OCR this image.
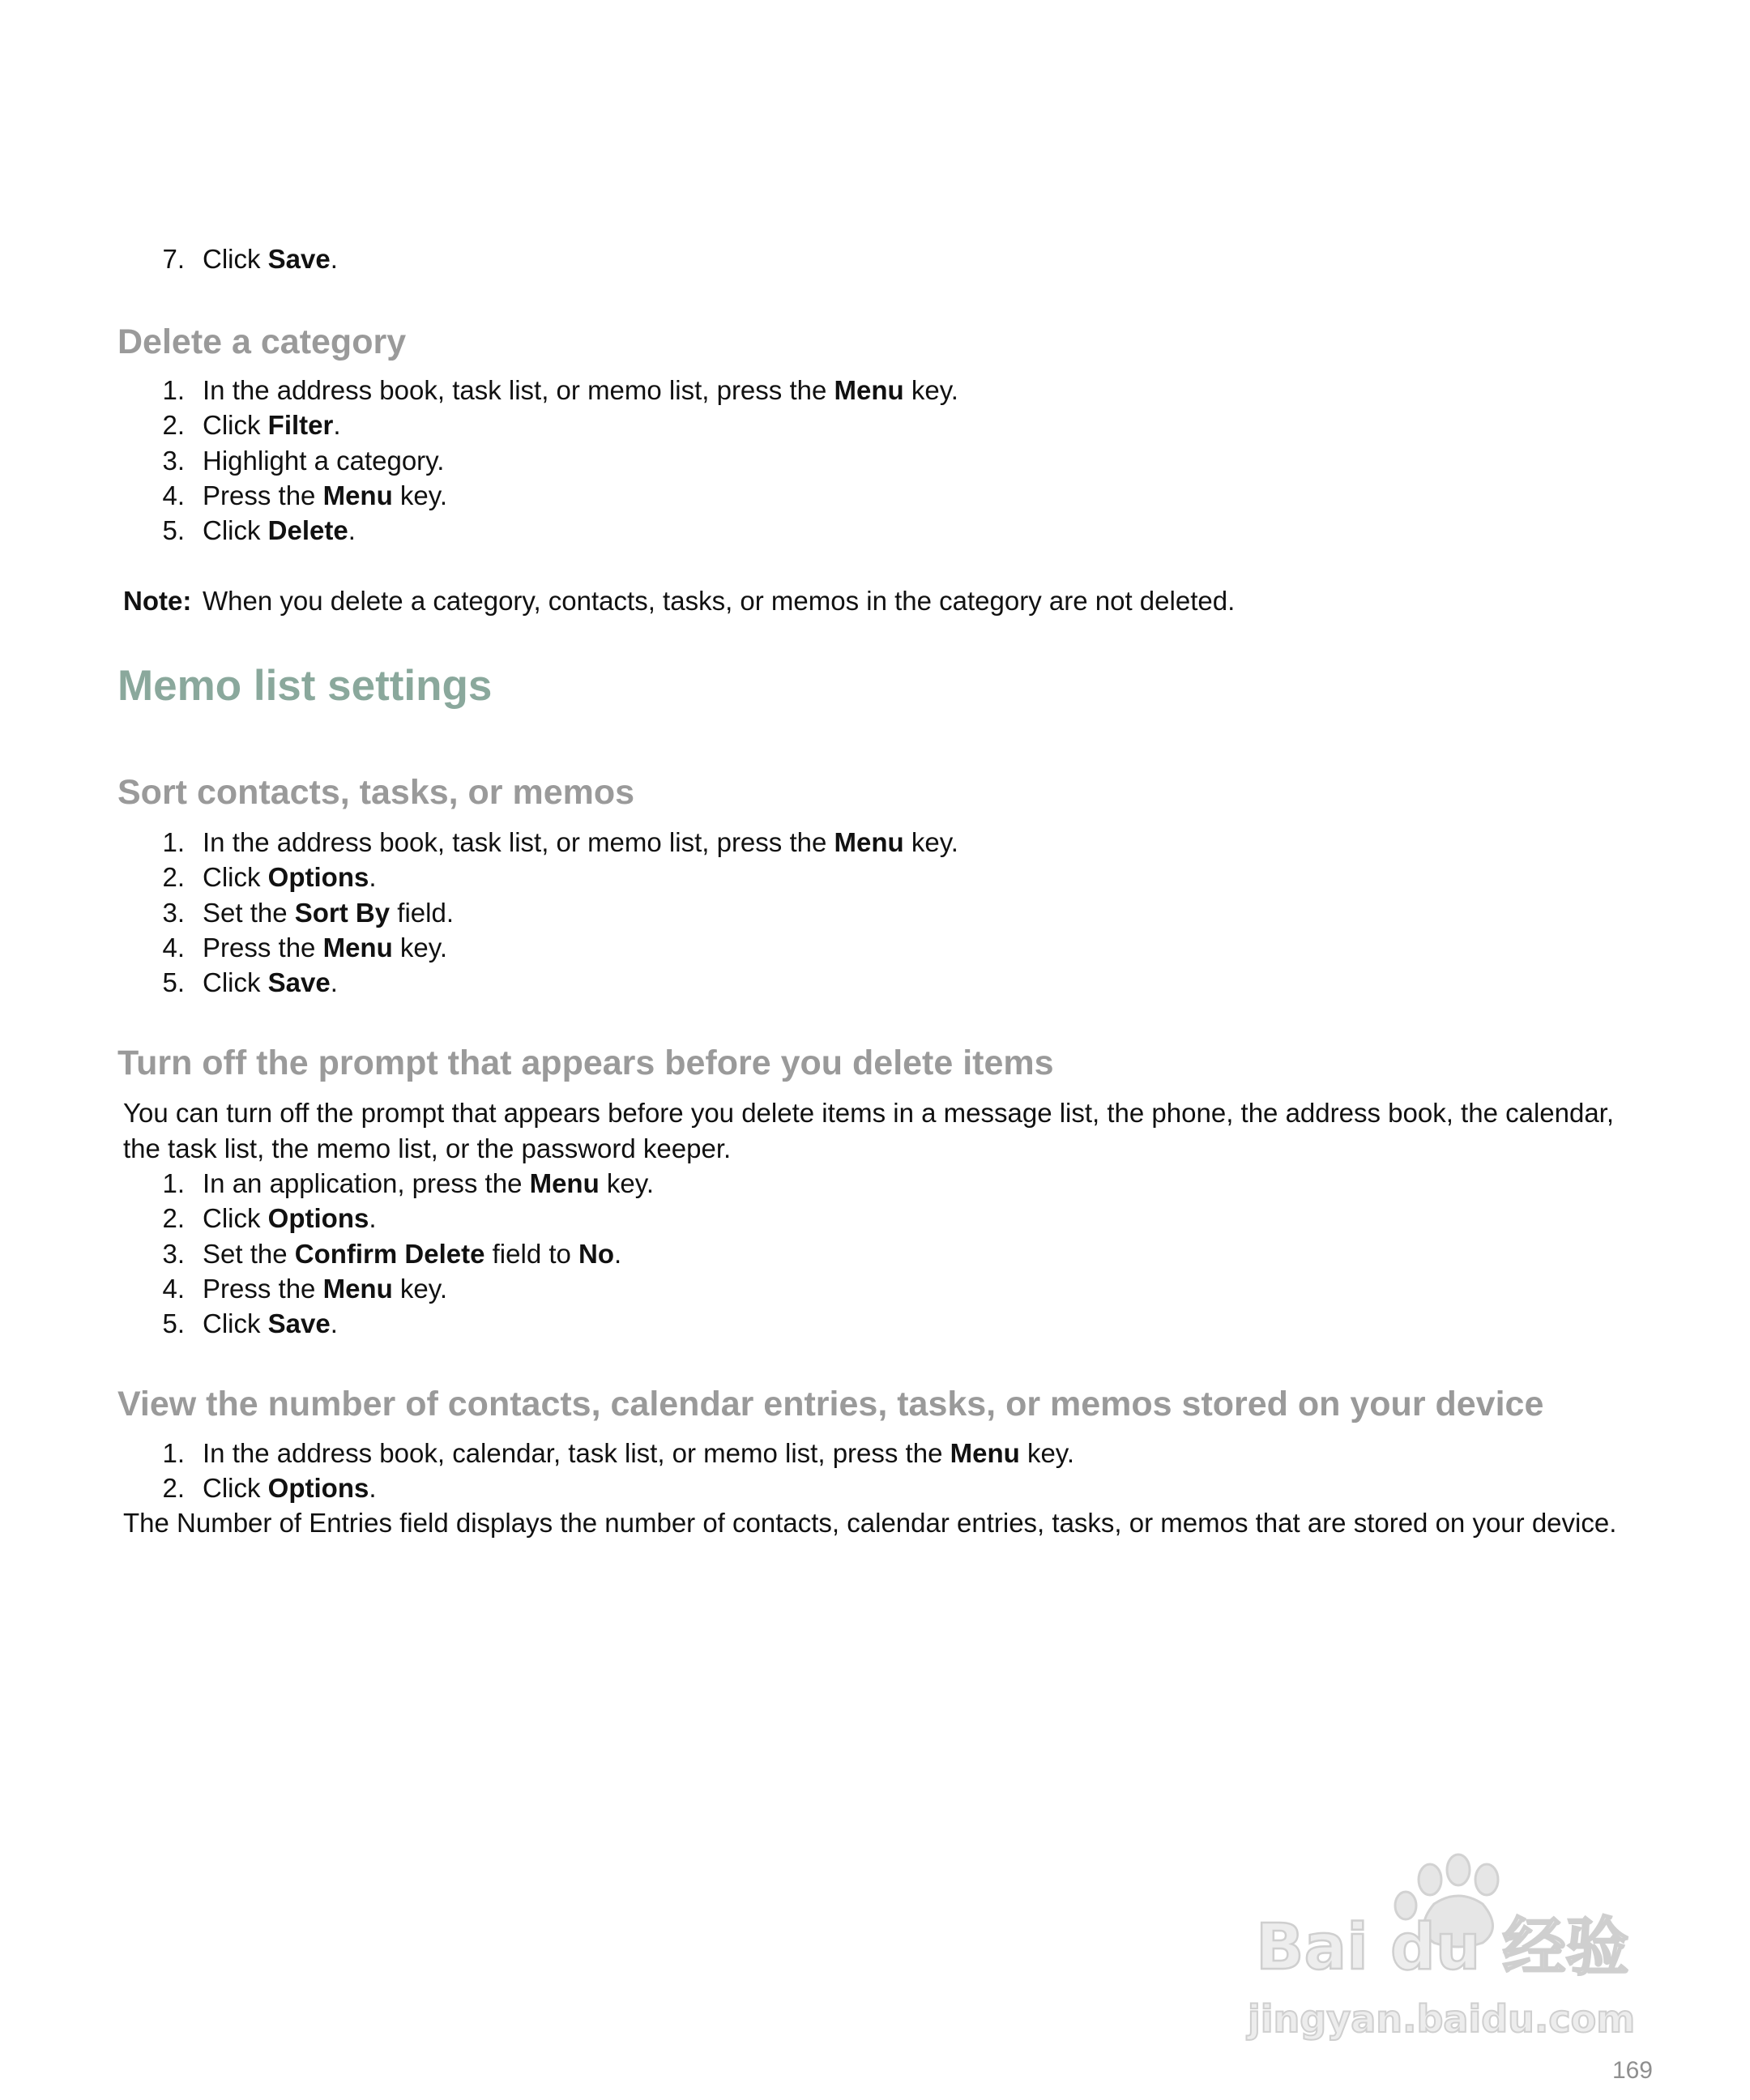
7. Click Save.
Delete a category
1. In the address book, task list, or memo list, press the Menu key.
2. Click Filter.
3. Highlight a category.
4. Press the Menu key.
5. Click Delete.
Note: When you delete a category, contacts, tasks, or memos in the category are not deleted.
Memo list settings
Sort contacts, tasks, or memos
1. In the address book, task list, or memo list, press the Menu key.
2. Click Options.
3. Set the Sort By field.
4. Press the Menu key.
5. Click Save.
Turn off the prompt that appears before you delete items
You can turn off the prompt that appears before you delete items in a message list, the phone, the address book, the calendar, the task list, the memo list, or the password keeper.
1. In an application, press the Menu key.
2. Click Options.
3. Set the Confirm Delete field to No.
4. Press the Menu key.
5. Click Save.
View the number of contacts, calendar entries, tasks, or memos stored on your device
1. In the address book, calendar, task list, or memo list, press the Menu key.
2. Click Options.
The Number of Entries field displays the number of contacts, calendar entries, tasks, or memos that are stored on your device.
Bai du 经验
jingyan.baidu.com
169
